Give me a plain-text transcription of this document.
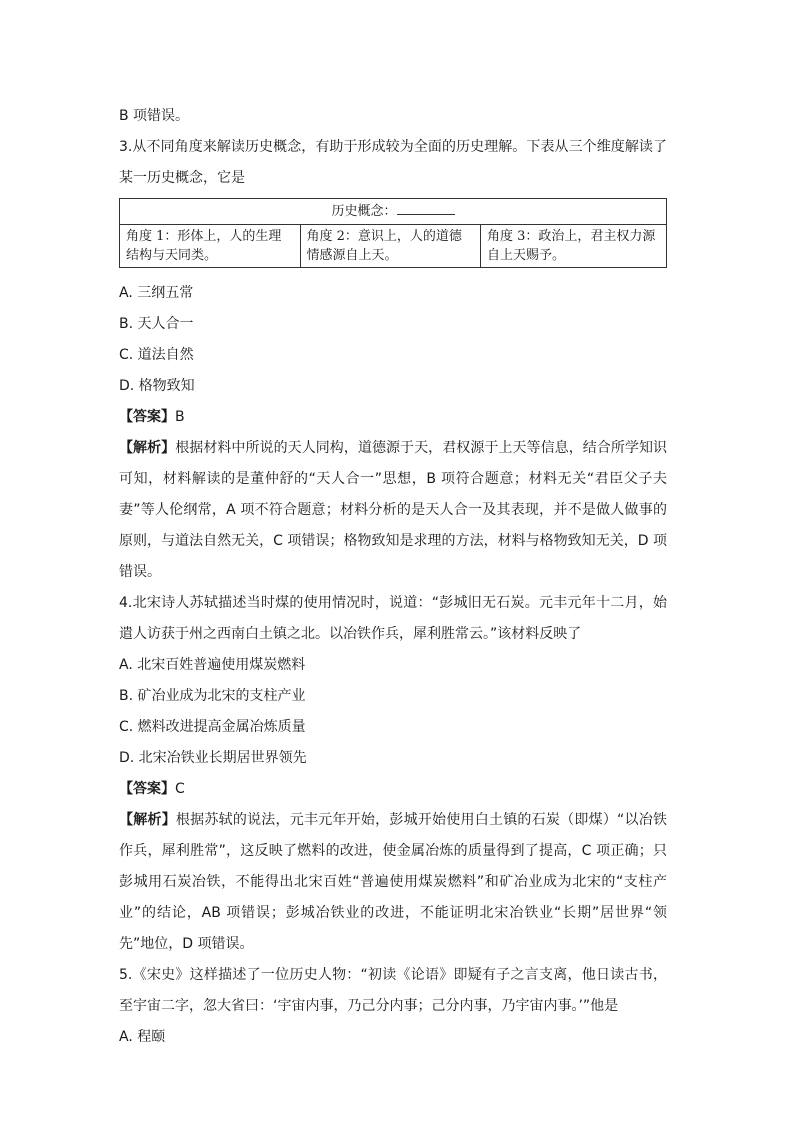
B 项错误。

3.从不同角度来解读历史概念，有助于形成较为全面的历史理解。下表从三个维度解读了某一历史概念，它是

历史概念：
角度 1：形体上，人的生理结构与天同类。	角度 2：意识上，人的道德情感源自上天。	角度 3：政治上，君主权力源自上天赐予。

A. 三纲五常

B. 天人合一

C. 道法自然

D. 格物致知

【答案】B

【解析】根据材料中所说的天人同构，道德源于天，君权源于上天等信息，结合所学知识可知，材料解读的是董仲舒的“天人合一”思想，B 项符合题意；材料无关“君臣父子夫妻”等人伦纲常，A 项不符合题意；材料分析的是天人合一及其表现，并不是做人做事的原则，与道法自然无关，C 项错误；格物致知是求理的方法，材料与格物致知无关，D 项错误。

4.北宋诗人苏轼描述当时煤的使用情况时，说道：“彭城旧无石炭。元丰元年十二月，始遣人访获于州之西南白土镇之北。以冶铁作兵，犀利胜常云。”该材料反映了

A. 北宋百姓普遍使用煤炭燃料

B. 矿冶业成为北宋的支柱产业

C. 燃料改进提高金属冶炼质量

D. 北宋冶铁业长期居世界领先

【答案】C

【解析】根据苏轼的说法，元丰元年开始，彭城开始使用白土镇的石炭（即煤）“以冶铁作兵，犀利胜常”，这反映了燃料的改进，使金属冶炼的质量得到了提高，C 项正确；只彭城用石炭冶铁，不能得出北宋百姓“普遍使用煤炭燃料”和矿冶业成为北宋的“支柱产业”的结论，AB 项错误；彭城冶铁业的改进，不能证明北宋冶铁业“长期”居世界“领先”地位，D 项错误。

5.《宋史》这样描述了一位历史人物：“初读《论语》即疑有子之言支离，他日读古书，至宇宙二字，忽大省曰：‘宇宙内事，乃己分内事；己分内事，乃宇宙内事。’”他是

A. 程颐
